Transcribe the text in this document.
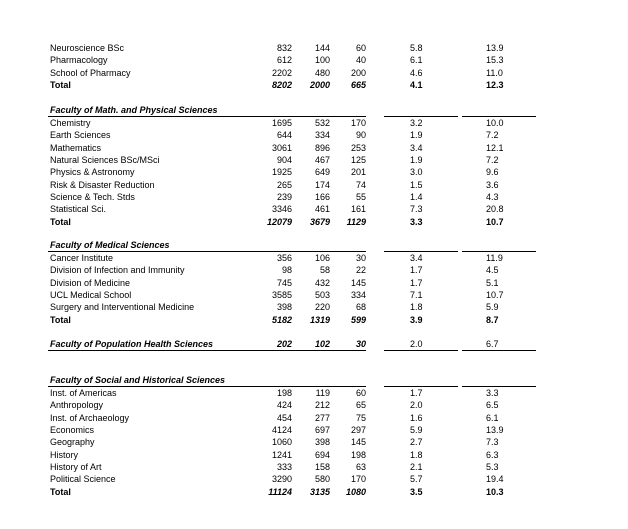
Neuroscience BSc	832	144	60	5.8	13.9
Pharmacology	612	100	40	6.1	15.3
School of Pharmacy	2202	480	200	4.6	11.0
Total	8202	2000	665	4.1	12.3
Faculty of Math. and Physical Sciences
Chemistry	1695	532	170	3.2	10.0
Earth Sciences	644	334	90	1.9	7.2
Mathematics	3061	896	253	3.4	12.1
Natural Sciences BSc/MSci	904	467	125	1.9	7.2
Physics & Astronomy	1925	649	201	3.0	9.6
Risk & Disaster Reduction	265	174	74	1.5	3.6
Science & Tech. Stds	239	166	55	1.4	4.3
Statistical Sci.	3346	461	161	7.3	20.8
Total	12079	3679	1129	3.3	10.7
Faculty of Medical Sciences
Cancer Institute	356	106	30	3.4	11.9
Division of Infection and Immunity	98	58	22	1.7	4.5
Division of Medicine	745	432	145	1.7	5.1
UCL Medical School	3585	503	334	7.1	10.7
Surgery and Interventional Medicine	398	220	68	1.8	5.9
Total	5182	1319	599	3.9	8.7
Faculty of Population Health Sciences	202	102	30	2.0	6.7
Faculty of Social and Historical Sciences
Inst. of Americas	198	119	60	1.7	3.3
Anthropology	424	212	65	2.0	6.5
Inst. of Archaeology	454	277	75	1.6	6.1
Economics	4124	697	297	5.9	13.9
Geography	1060	398	145	2.7	7.3
History	1241	694	198	1.8	6.3
History of Art	333	158	63	2.1	5.3
Political Science	3290	580	170	5.7	19.4
Total	11124	3135	1080	3.5	10.3
